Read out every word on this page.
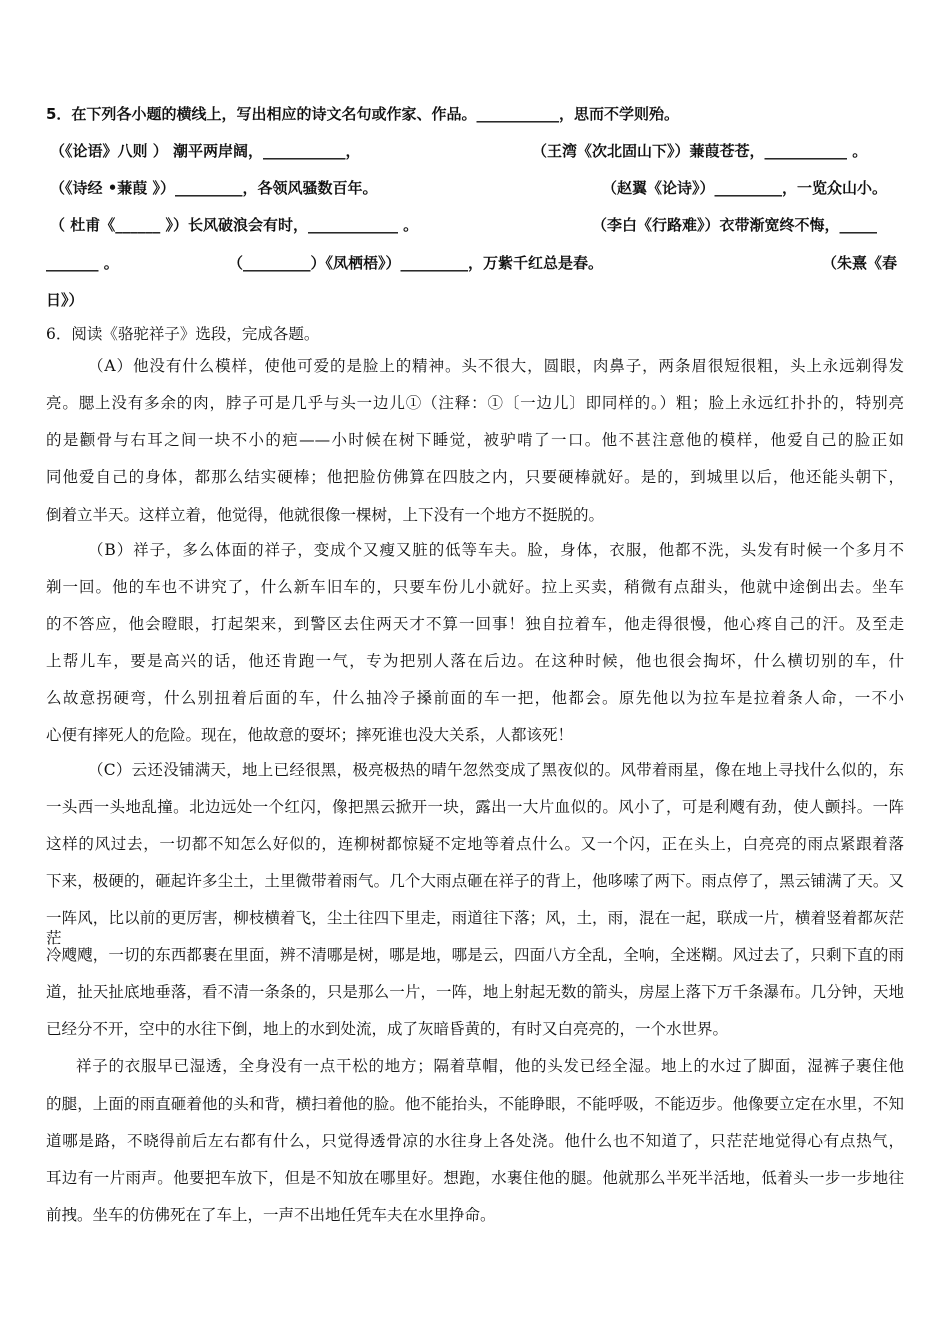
5．在下列各小题的横线上，写出相应的诗文名句或作家、作品。___________，思而不学则殆。
（《论语》八则 ） 潮平两岸阔，___________，	（王湾《次北固山下》）蒹葭苍苍，___________ 。
（《诗经 •蒹葭 》）_________，各领风骚数百年。	（赵翼《论诗》）_________，一览众山小。
（ 杜甫《______ 》）长风破浪会有时，____________ 。	（李白《行路难》）衣带渐宽终不悔，_____
_______ 。	（_________）《凤栖梧》）_________，万紫千红总是春。	（朱熹《春
日》）
6．阅读《骆驼祥子》选段，完成各题。
（A）他没有什么模样，使他可爱的是脸上的精神。头不很大，圆眼，肉鼻子，两条眉很短很粗，头上永远剃得发
亮。腮上没有多余的肉，脖子可是几乎与头一边儿①（注释：①〔一边儿〕即同样的。）粗；脸上永远红扑扑的，特别亮
的是颧骨与右耳之间一块不小的疤——小时候在树下睡觉，被驴啃了一口。他不甚注意他的模样，他爱自己的脸正如
同他爱自己的身体，都那么结实硬棒；他把脸仿佛算在四肢之内，只要硬棒就好。是的，到城里以后，他还能头朝下，
倒着立半天。这样立着，他觉得，他就很像一棵树，上下没有一个地方不挺脱的。
（B）祥子，多么体面的祥子，变成个又瘦又脏的低等车夫。脸，身体，衣服，他都不洗，头发有时候一个多月不
剃一回。他的车也不讲究了，什么新车旧车的，只要车份儿小就好。拉上买卖，稍微有点甜头，他就中途倒出去。坐车
的不答应，他会瞪眼，打起架来，到警区去住两天才不算一回事！独自拉着车，他走得很慢，他心疼自己的汗。及至走
上帮儿车，要是高兴的话，他还肯跑一气，专为把别人落在后边。在这种时候，他也很会掏坏，什么横切别的车，什
么故意拐硬弯，什么别扭着后面的车，什么抽冷子搡前面的车一把，他都会。原先他以为拉车是拉着条人命，一不小
心便有摔死人的危险。现在，他故意的耍坏；摔死谁也没大关系，人都该死！
（C）云还没铺满天，地上已经很黑，极亮极热的晴午忽然变成了黑夜似的。风带着雨星，像在地上寻找什么似的，东
一头西一头地乱撞。北边远处一个红闪，像把黑云掀开一块，露出一大片血似的。风小了，可是利飕有劲，使人颤抖。一阵
这样的风过去，一切都不知怎么好似的，连柳树都惊疑不定地等着点什么。又一个闪，正在头上，白亮亮的雨点紧跟着落
下来，极硬的，砸起许多尘土，土里微带着雨气。几个大雨点砸在祥子的背上，他哆嗦了两下。雨点停了，黑云铺满了天。又
一阵风，比以前的更厉害，柳枝横着飞，尘土往四下里走，雨道往下落；风，土，雨，混在一起，联成一片，横着竖着都灰茫茫
冷飕飕，一切的东西都裹在里面，辨不清哪是树，哪是地，哪是云，四面八方全乱，全响，全迷糊。风过去了，只剩下直的雨
道，扯天扯底地垂落，看不清一条条的，只是那么一片，一阵，地上射起无数的箭头，房屋上落下万千条瀑布。几分钟，天地
已经分不开，空中的水往下倒，地上的水到处流，成了灰暗昏黄的，有时又白亮亮的，一个水世界。
祥子的衣服早已湿透，全身没有一点干松的地方；隔着草帽，他的头发已经全湿。地上的水过了脚面，湿裤子裹住他
的腿，上面的雨直砸着他的头和背，横扫着他的脸。他不能抬头，不能睁眼，不能呼吸，不能迈步。他像要立定在水里，不知
道哪是路，不晓得前后左右都有什么，只觉得透骨凉的水往身上各处浇。他什么也不知道了，只茫茫地觉得心有点热气，
耳边有一片雨声。他要把车放下，但是不知放在哪里好。想跑，水裹住他的腿。他就那么半死半活地，低着头一步一步地往
前拽。坐车的仿佛死在了车上，一声不出地任凭车夫在水里挣命。
